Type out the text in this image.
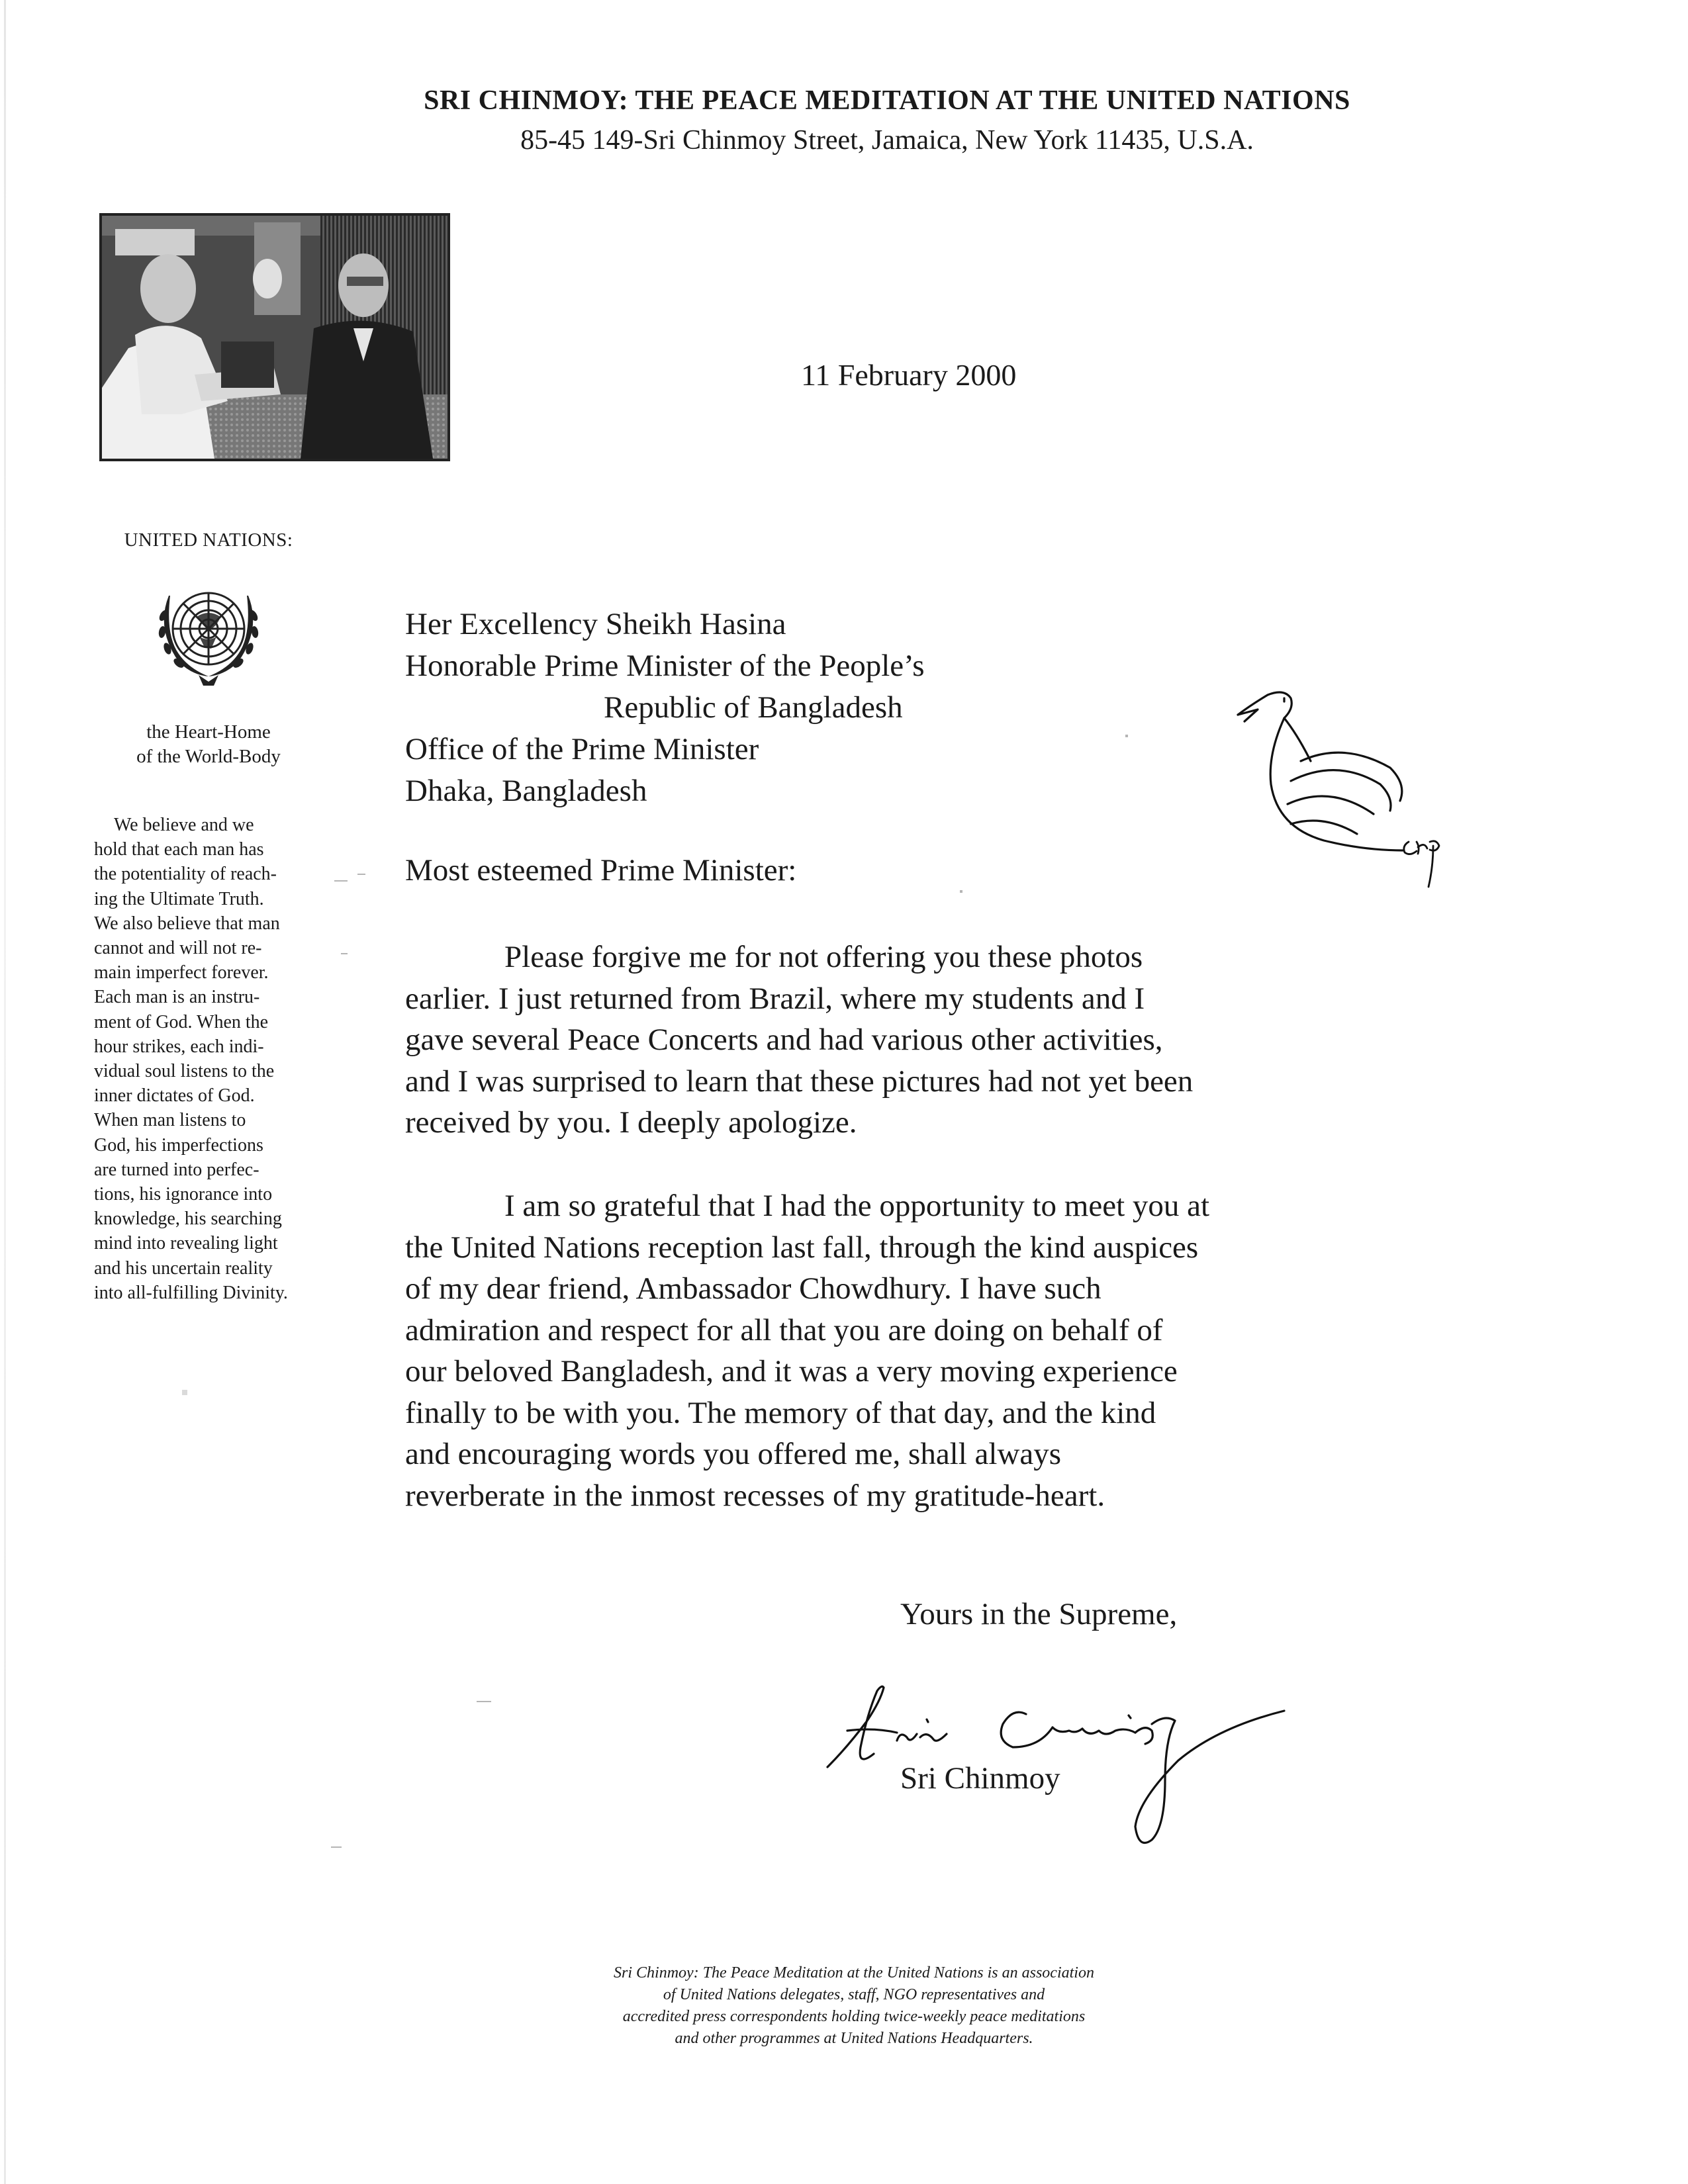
SRI CHINMOY: THE PEACE MEDITATION AT THE UNITED NATIONS
85-45 149-Sri Chinmoy Street, Jamaica, New York 11435, U.S.A.
11 February 2000
UNITED NATIONS:
the Heart-Home
of the World-Body
We believe and we
hold that each man has
the potentiality of reach-
ing the Ultimate Truth.
We also believe that man
cannot and will not re-
main imperfect forever.
Each man is an instru-
ment of God. When the
hour strikes, each indi-
vidual soul listens to the
inner dictates of God.
When man listens to
God, his imperfections
are turned into perfec-
tions, his ignorance into
knowledge, his searching
mind into revealing light
and his uncertain reality
into all-fulfilling Divinity.
Her Excellency Sheikh Hasina
Honorable Prime Minister of the People’s
Republic of Bangladesh
Office of the Prime Minister
Dhaka, Bangladesh
Most esteemed Prime Minister:
Please forgive me for not offering you these photos
earlier. I just returned from Brazil, where my students and I
gave several Peace Concerts and had various other activities,
and I was surprised to learn that these pictures had not yet been
received by you. I deeply apologize.
I am so grateful that I had the opportunity to meet you at
the United Nations reception last fall, through the kind auspices
of my dear friend, Ambassador Chowdhury. I have such
admiration and respect for all that you are doing on behalf of
our beloved Bangladesh, and it was a very moving experience
finally to be with you. The memory of that day, and the kind
and encouraging words you offered me, shall always
reverberate in the inmost recesses of my gratitude-heart.
Yours in the Supreme,
Sri Chinmoy
Sri Chinmoy: The Peace Meditation at the United Nations is an association
of United Nations delegates, staff, NGO representatives and
accredited press correspondents holding twice-weekly peace meditations
and other programmes at United Nations Headquarters.
